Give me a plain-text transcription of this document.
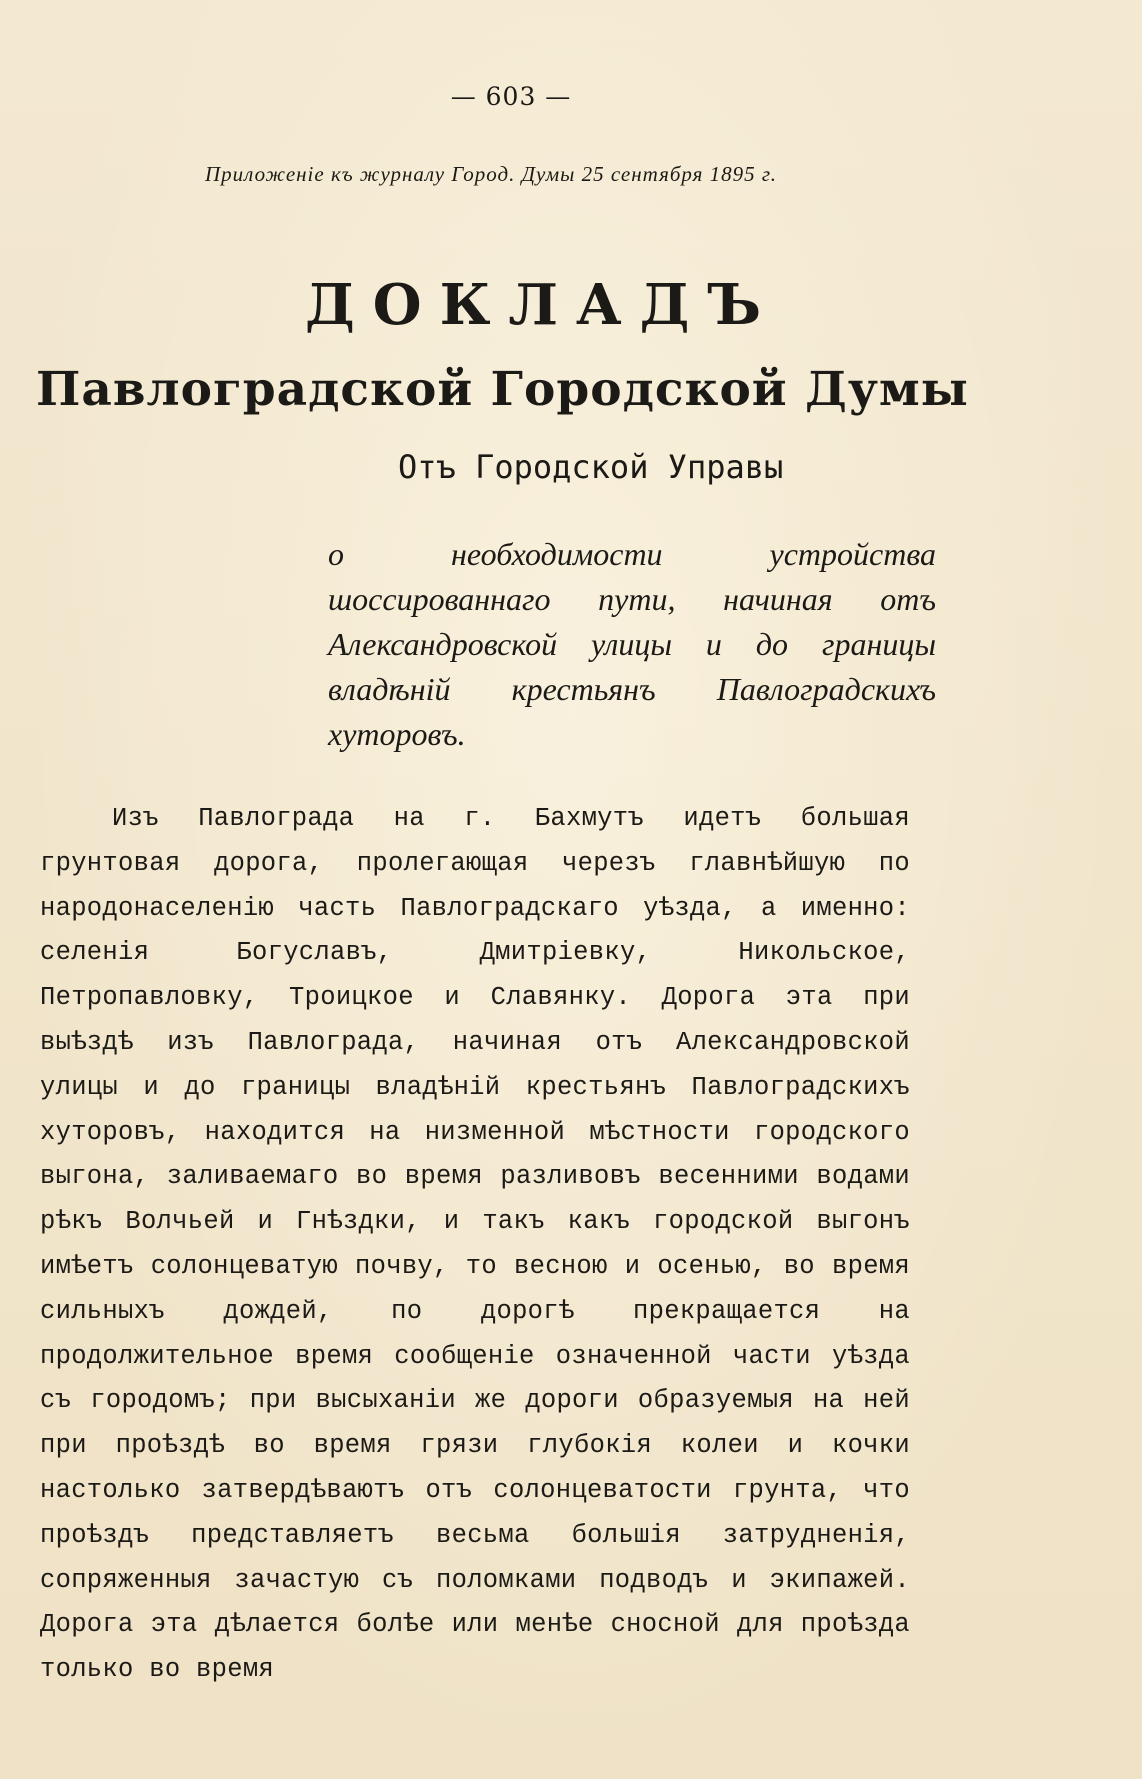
— 603 —
Приложеніе къ журналу Город. Думы 25 сентября 1895 г.
ДОКЛАДЪ
Павлоградской Городской Думы
Отъ Городской Управы
о необходимости устройства шоссированнаго пути, начиная отъ Александровской улицы и до границы владѣній крестьянъ Павлоградскихъ хуторовъ.
Изъ Павлограда на г. Бахмутъ идетъ большая грунтовая дорога, пролегающая черезъ главнѣйшую по народонаселенію часть Павлоградскаго уѣзда, а именно: селенія Богуславъ, Дмитріевку, Никольское, Петропавловку, Троицкое и Славянку. Дорога эта при выѣздѣ изъ Павлограда, начиная отъ Александровской улицы и до границы владѣній крестьянъ Павлоградскихъ хуторовъ, находится на низменной мѣстности городского выгона, заливаемаго во время разливовъ весенними водами рѣкъ Волчьей и Гнѣздки, и такъ какъ городской выгонъ имѣетъ солонцеватую почву, то весною и осенью, во время сильныхъ дождей, по дорогѣ прекращается на продолжительное время сообщеніе означенной части уѣзда съ городомъ; при высыханіи же дороги образуемыя на ней при проѣздѣ во время грязи глубокія колеи и кочки настолько затвердѣваютъ отъ солонцеватости грунта, что проѣздъ представляетъ весьма большія затрудненія, сопряженныя зачастую съ поломками подводъ и экипажей. Дорога эта дѣлается болѣе или менѣе сносной для проѣзда только во время
